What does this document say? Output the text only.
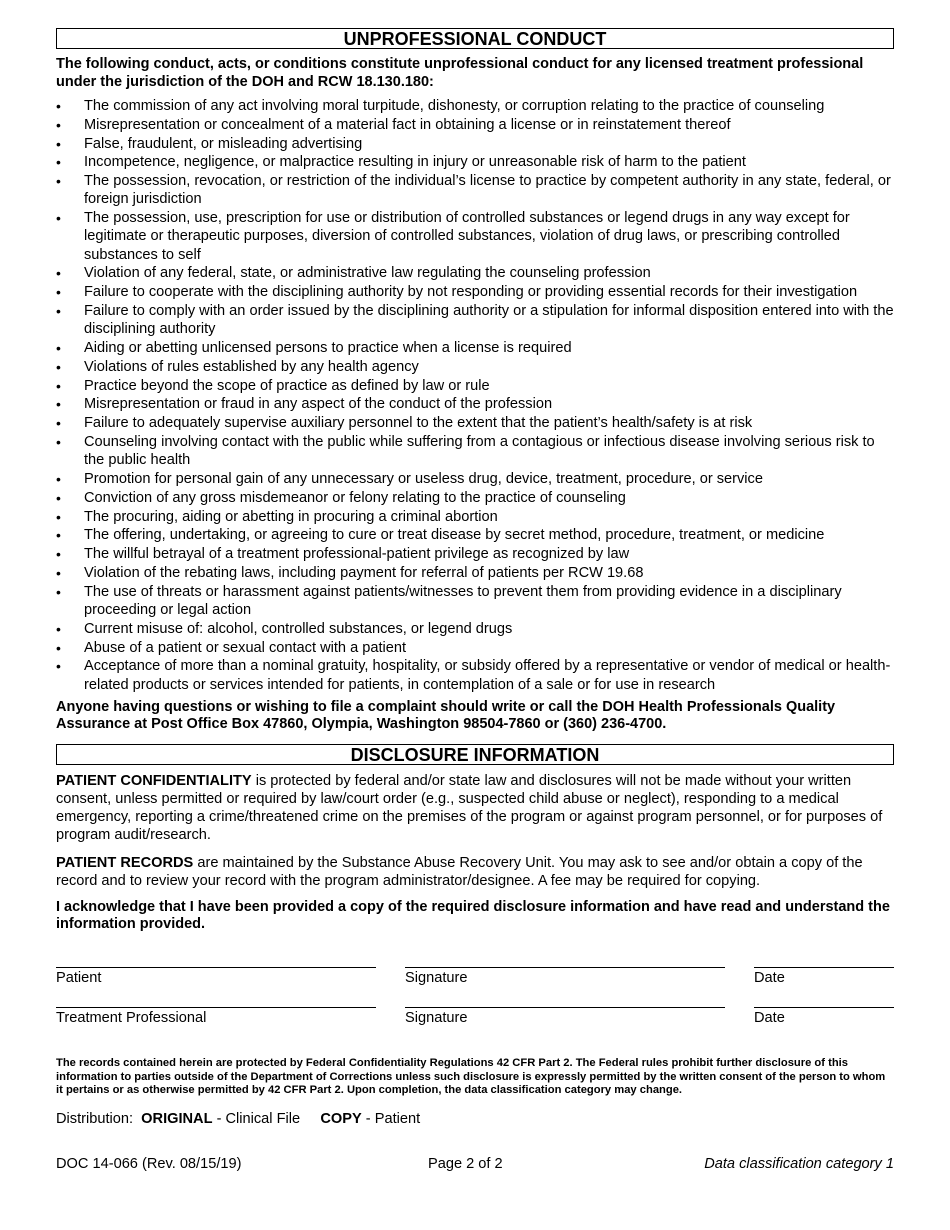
UNPROFESSIONAL CONDUCT
The following conduct, acts, or conditions constitute unprofessional conduct for any licensed treatment professional under the jurisdiction of the DOH and RCW 18.130.180:
•	The commission of any act involving moral turpitude, dishonesty, or corruption relating to the practice of counseling
•	Misrepresentation or concealment of a material fact in obtaining a license or in reinstatement thereof
•	False, fraudulent, or misleading advertising
•	Incompetence, negligence, or malpractice resulting in injury or unreasonable risk of harm to the patient
•	The possession, revocation, or restriction of the individual’s license to practice by competent authority in any state, federal, or foreign jurisdiction
•	The possession, use, prescription for use or distribution of controlled substances or legend drugs in any way except for legitimate or therapeutic purposes, diversion of controlled substances, violation of drug laws, or prescribing controlled substances to self
•	Violation of any federal, state, or administrative law regulating the counseling profession
•	Failure to cooperate with the disciplining authority by not responding or providing essential records for their investigation
•	Failure to comply with an order issued by the disciplining authority or a stipulation for informal disposition entered into with the disciplining authority
•	Aiding or abetting unlicensed persons to practice when a license is required
•	Violations of rules established by any health agency
•	Practice beyond the scope of practice as defined by law or rule
•	Misrepresentation or fraud in any aspect of the conduct of the profession
•	Failure to adequately supervise auxiliary personnel to the extent that the patient’s health/safety is at risk
•	Counseling involving contact with the public while suffering from a contagious or infectious disease involving serious risk to the public health
•	Promotion for personal gain of any unnecessary or useless drug, device, treatment, procedure, or service
•	Conviction of any gross misdemeanor or felony relating to the practice of counseling
•	The procuring, aiding or abetting in procuring a criminal abortion
•	The offering, undertaking, or agreeing to cure or treat disease by secret method, procedure, treatment, or medicine
•	The willful betrayal of a treatment professional-patient privilege as recognized by law
•	Violation of the rebating laws, including payment for referral of patients per RCW 19.68
•	The use of threats or harassment against patients/witnesses to prevent them from providing evidence in a disciplinary proceeding or legal action
•	Current misuse of: alcohol, controlled substances, or legend drugs
•	Abuse of a patient or sexual contact with a patient
•	Acceptance of more than a nominal gratuity, hospitality, or subsidy offered by a representative or vendor of medical or health-related products or services intended for patients, in contemplation of a sale or for use in research
Anyone having questions or wishing to file a complaint should write or call the DOH Health Professionals Quality Assurance at Post Office Box 47860, Olympia, Washington 98504-7860 or (360) 236-4700.
DISCLOSURE INFORMATION
PATIENT CONFIDENTIALITY is protected by federal and/or state law and disclosures will not be made without your written consent, unless permitted or required by law/court order (e.g., suspected child abuse or neglect), responding to a medical emergency, reporting a crime/threatened crime on the premises of the program or against program personnel, or for purposes of program audit/research.
PATIENT RECORDS are maintained by the Substance Abuse Recovery Unit. You may ask to see and/or obtain a copy of the record and to review your record with the program administrator/designee. A fee may be required for copying.
I acknowledge that I have been provided a copy of the required disclosure information and have read and understand the information provided.
Patient	Signature	Date
Treatment Professional	Signature	Date
The records contained herein are protected by Federal Confidentiality Regulations 42 CFR Part 2. The Federal rules prohibit further disclosure of this information to parties outside of the Department of Corrections unless such disclosure is expressly permitted by the written consent of the person to whom it pertains or as otherwise permitted by 42 CFR Part 2. Upon completion, the data classification category may change.
Distribution: ORIGINAL - Clinical File COPY - Patient
DOC 14-066 (Rev. 08/15/19)	Page 2 of 2	Data classification category 1
